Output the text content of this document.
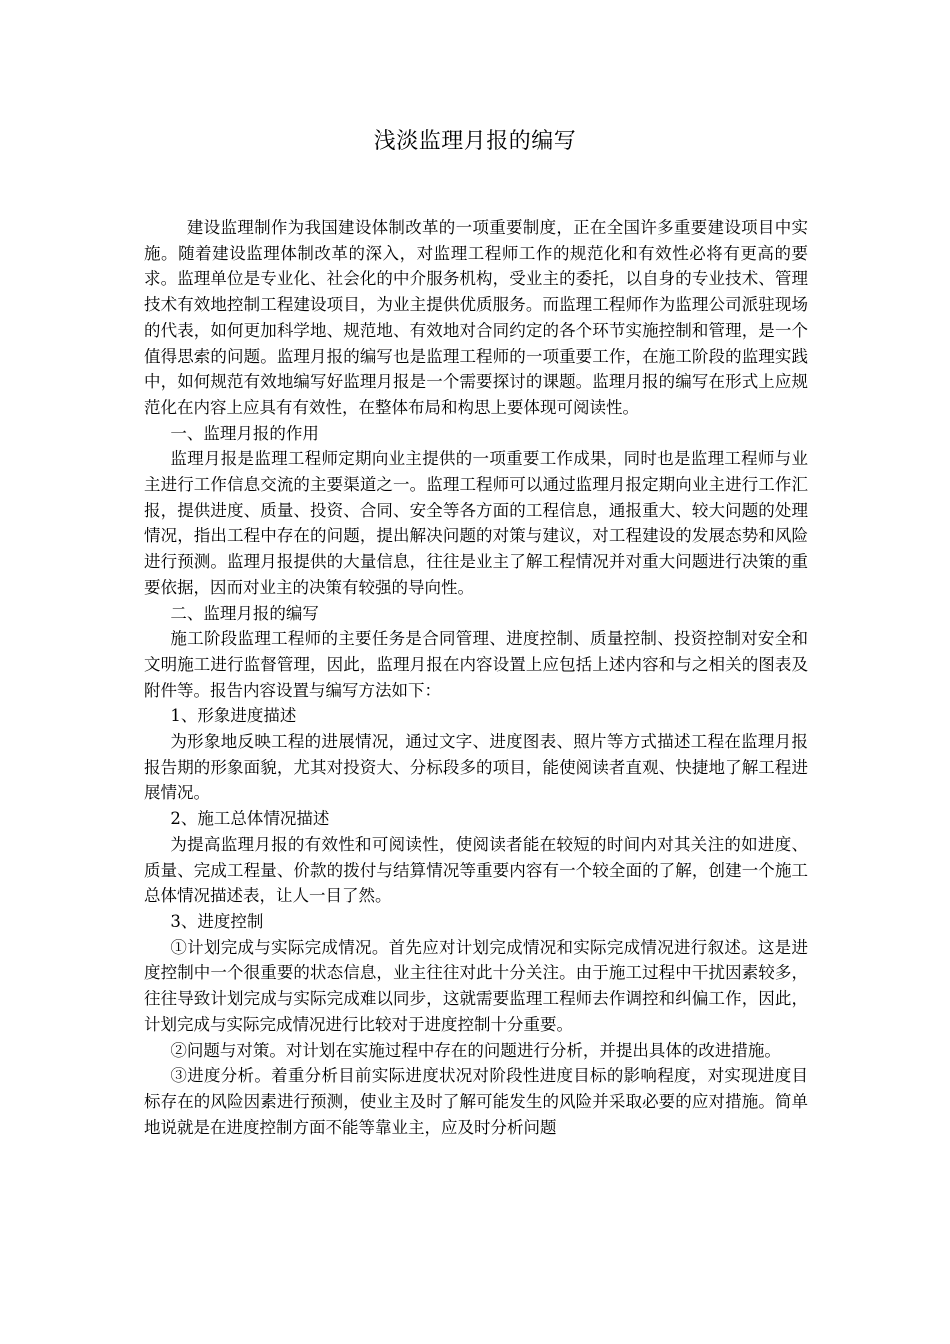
浅淡监理月报的编写

建设监理制作为我国建设体制改革的一项重要制度，正在全国许多重要建设项目中实施。随着建设监理体制改革的深入，对监理工程师工作的规范化和有效性必将有更高的要求。监理单位是专业化、社会化的中介服务机构，受业主的委托，以自身的专业技术、管理技术有效地控制工程建设项目，为业主提供优质服务。而监理工程师作为监理公司派驻现场的代表，如何更加科学地、规范地、有效地对合同约定的各个环节实施控制和管理，是一个值得思索的问题。监理月报的编写也是监理工程师的一项重要工作，在施工阶段的监理实践中，如何规范有效地编写好监理月报是一个需要探讨的课题。监理月报的编写在形式上应规范化在内容上应具有有效性，在整体布局和构思上要体现可阅读性。

一、监理月报的作用

监理月报是监理工程师定期向业主提供的一项重要工作成果，同时也是监理工程师与业主进行工作信息交流的主要渠道之一。监理工程师可以通过监理月报定期向业主进行工作汇报，提供进度、质量、投资、合同、安全等各方面的工程信息，通报重大、较大问题的处理情况，指出工程中存在的问题，提出解决问题的对策与建议，对工程建设的发展态势和风险进行预测。监理月报提供的大量信息，往往是业主了解工程情况并对重大问题进行决策的重要依据，因而对业主的决策有较强的导向性。

二、监理月报的编写

施工阶段监理工程师的主要任务是合同管理、进度控制、质量控制、投资控制对安全和文明施工进行监督管理，因此，监理月报在内容设置上应包括上述内容和与之相关的图表及附件等。报告内容设置与编写方法如下：

1、形象进度描述

为形象地反映工程的进展情况，通过文字、进度图表、照片等方式描述工程在监理月报报告期的形象面貌，尤其对投资大、分标段多的项目，能使阅读者直观、快捷地了解工程进展情况。

2、施工总体情况描述

为提高监理月报的有效性和可阅读性，使阅读者能在较短的时间内对其关注的如进度、质量、完成工程量、价款的拨付与结算情况等重要内容有一个较全面的了解，创建一个施工总体情况描述表，让人一目了然。

3、进度控制

①计划完成与实际完成情况。首先应对计划完成情况和实际完成情况进行叙述。这是进度控制中一个很重要的状态信息，业主往往对此十分关注。由于施工过程中干扰因素较多，往往导致计划完成与实际完成难以同步，这就需要监理工程师去作调控和纠偏工作，因此，计划完成与实际完成情况进行比较对于进度控制十分重要。

②问题与对策。对计划在实施过程中存在的问题进行分析，并提出具体的改进措施。

③进度分析。着重分析目前实际进度状况对阶段性进度目标的影响程度，对实现进度目标存在的风险因素进行预测，使业主及时了解可能发生的风险并采取必要的应对措施。简单地说就是在进度控制方面不能等靠业主，应及时分析问题
